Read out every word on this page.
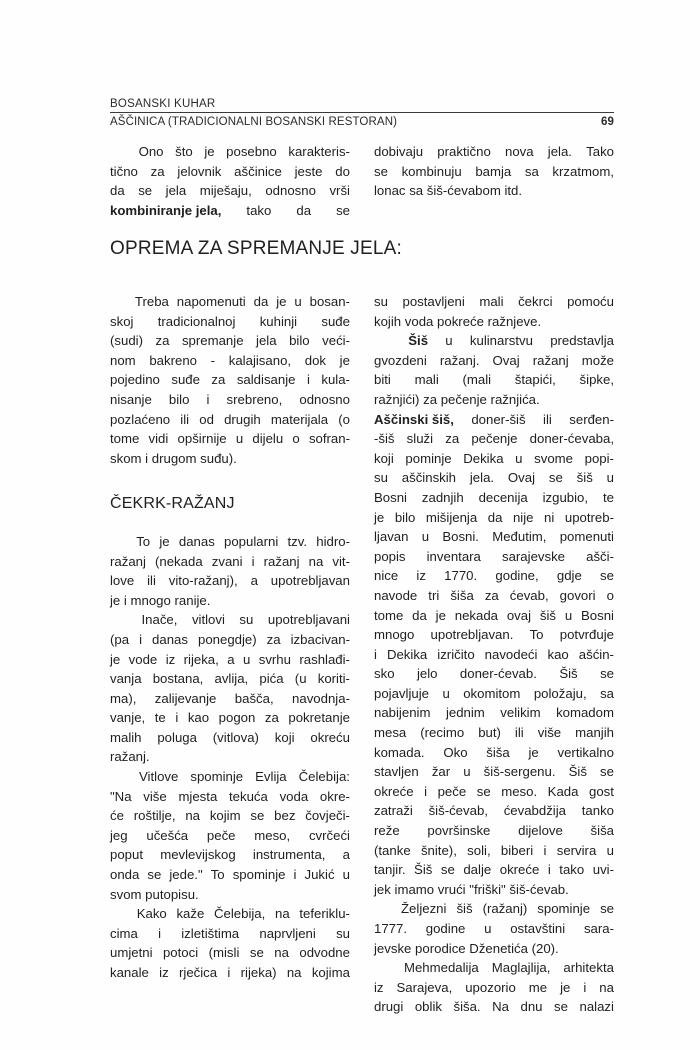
BOSANSKI KUHAR
AŠČINICA (TRADICIONALNI BOSANSKI RESTORAN)	69

Ono što je posebno karakteris-
tično za jelovnik aščinice jeste do
da se jela miješaju, odnosno vrši
kombiniranje jela, tako da se
dobivaju praktično nova jela. Tako
se kombinuju bamja sa krzatmom,
lonac sa šiš-ćevabom itd.
OPREMA ZA SPREMANJE JELA:

Treba napomenuti da je u bosan-
skoj tradicionalnoj kuhinji suđe
(sudi) za spremanje jela bilo veći-
nom bakreno - kalajisano, dok je
pojedino suđe za saldisanje i kula-
nisanje bilo i srebreno, odnosno
pozlaćeno ili od drugih materijala (o
tome vidi opširnije u dijelu o sofran-
skom i drugom suđu).
ČEKRK-RAŽANJ

To je danas popularni tzv. hidro-
ražanj (nekada zvani i ražanj na vit-
love ili vito-ražanj), a upotrebljavan
je i mnogo ranije.

Inače, vitlovi su upotrebljavani
(pa i danas ponegdje) za izbacivan-
je vode iz rijeka, a u svrhu rashlađi-
vanja bostana, avlija, pića (u koriti-
ma), zalijevanje bašča, navodnja-
vanje, te i kao pogon za pokretanje
malih poluga (vitlova) koji okreću
ražanj.

Vitlove spominje Evlija Čelebija:
"Na više mjesta tekuća voda okre-
će roštilje, na kojim se bez čovječi-
jeg učešća peče meso, cvrčeći
poput mevlevijskog instrumenta, a
onda se jede." To spominje i Jukić u
svom putopisu.

Kako kaže Čelebija, na teferiklu-
cima i izletištima naprvljeni su
umjetni potoci (misli se na odvodne
kanale iz rječica i rijeka) na kojima
su postavljeni mali čekrci pomoću
kojih voda pokreće ražnjeve.

Šiš u kulinarstvu predstavlja
gvozdeni ražanj. Ovaj ražanj može
biti mali (mali štapići, šipke,
ražnjići) za pečenje ražnjića.
Aščinski šiš, doner-šiš ili serđen-
-šiš služi za pečenje doner-ćevaba,
koji pominje Dekika u svome popi-
su aščinskih jela. Ovaj se šiš u
Bosni zadnjih decenija izgubio, te
je bilo mišijenja da nije ni upotreb-
ljavan u Bosni. Međutim, pomenuti
popis inventara sarajevske ašči-
nice iz 1770. godine, gdje se
navode tri šiša za ćevab, govori o
tome da je nekada ovaj šiš u Bosni
mnogo upotrebljavan. To potvrđuje
i Dekika izričito navodeći kao ašćin-
sko jelo doner-ćevab. Šiš se
pojavljuje u okomitom položaju, sa
nabijenim jednim velikim komadom
mesa (recimo but) ili više manjih
komada. Oko šiša je vertikalno
stavljen žar u šiš-sergenu. Šiš se
okreće i peče se meso. Kada gost
zatraži šiš-ćevab, ćevabdžija tanko
reže površinske dijelove šiša
(tanke šnite), soli, biberi i servira u
tanjir. Šiš se dalje okreće i tako uvi-
jek imamo vrući "friški" šiš-ćevab.

Željezni šiš (ražanj) spominje se
1777. godine u ostavštini sara-
jevske porodice Dženetića (20).

Mehmedalija Maglajlija, arhitekta
iz Sarajeva, upozorio me je i na
drugi oblik šiša. Na dnu se nalazi
